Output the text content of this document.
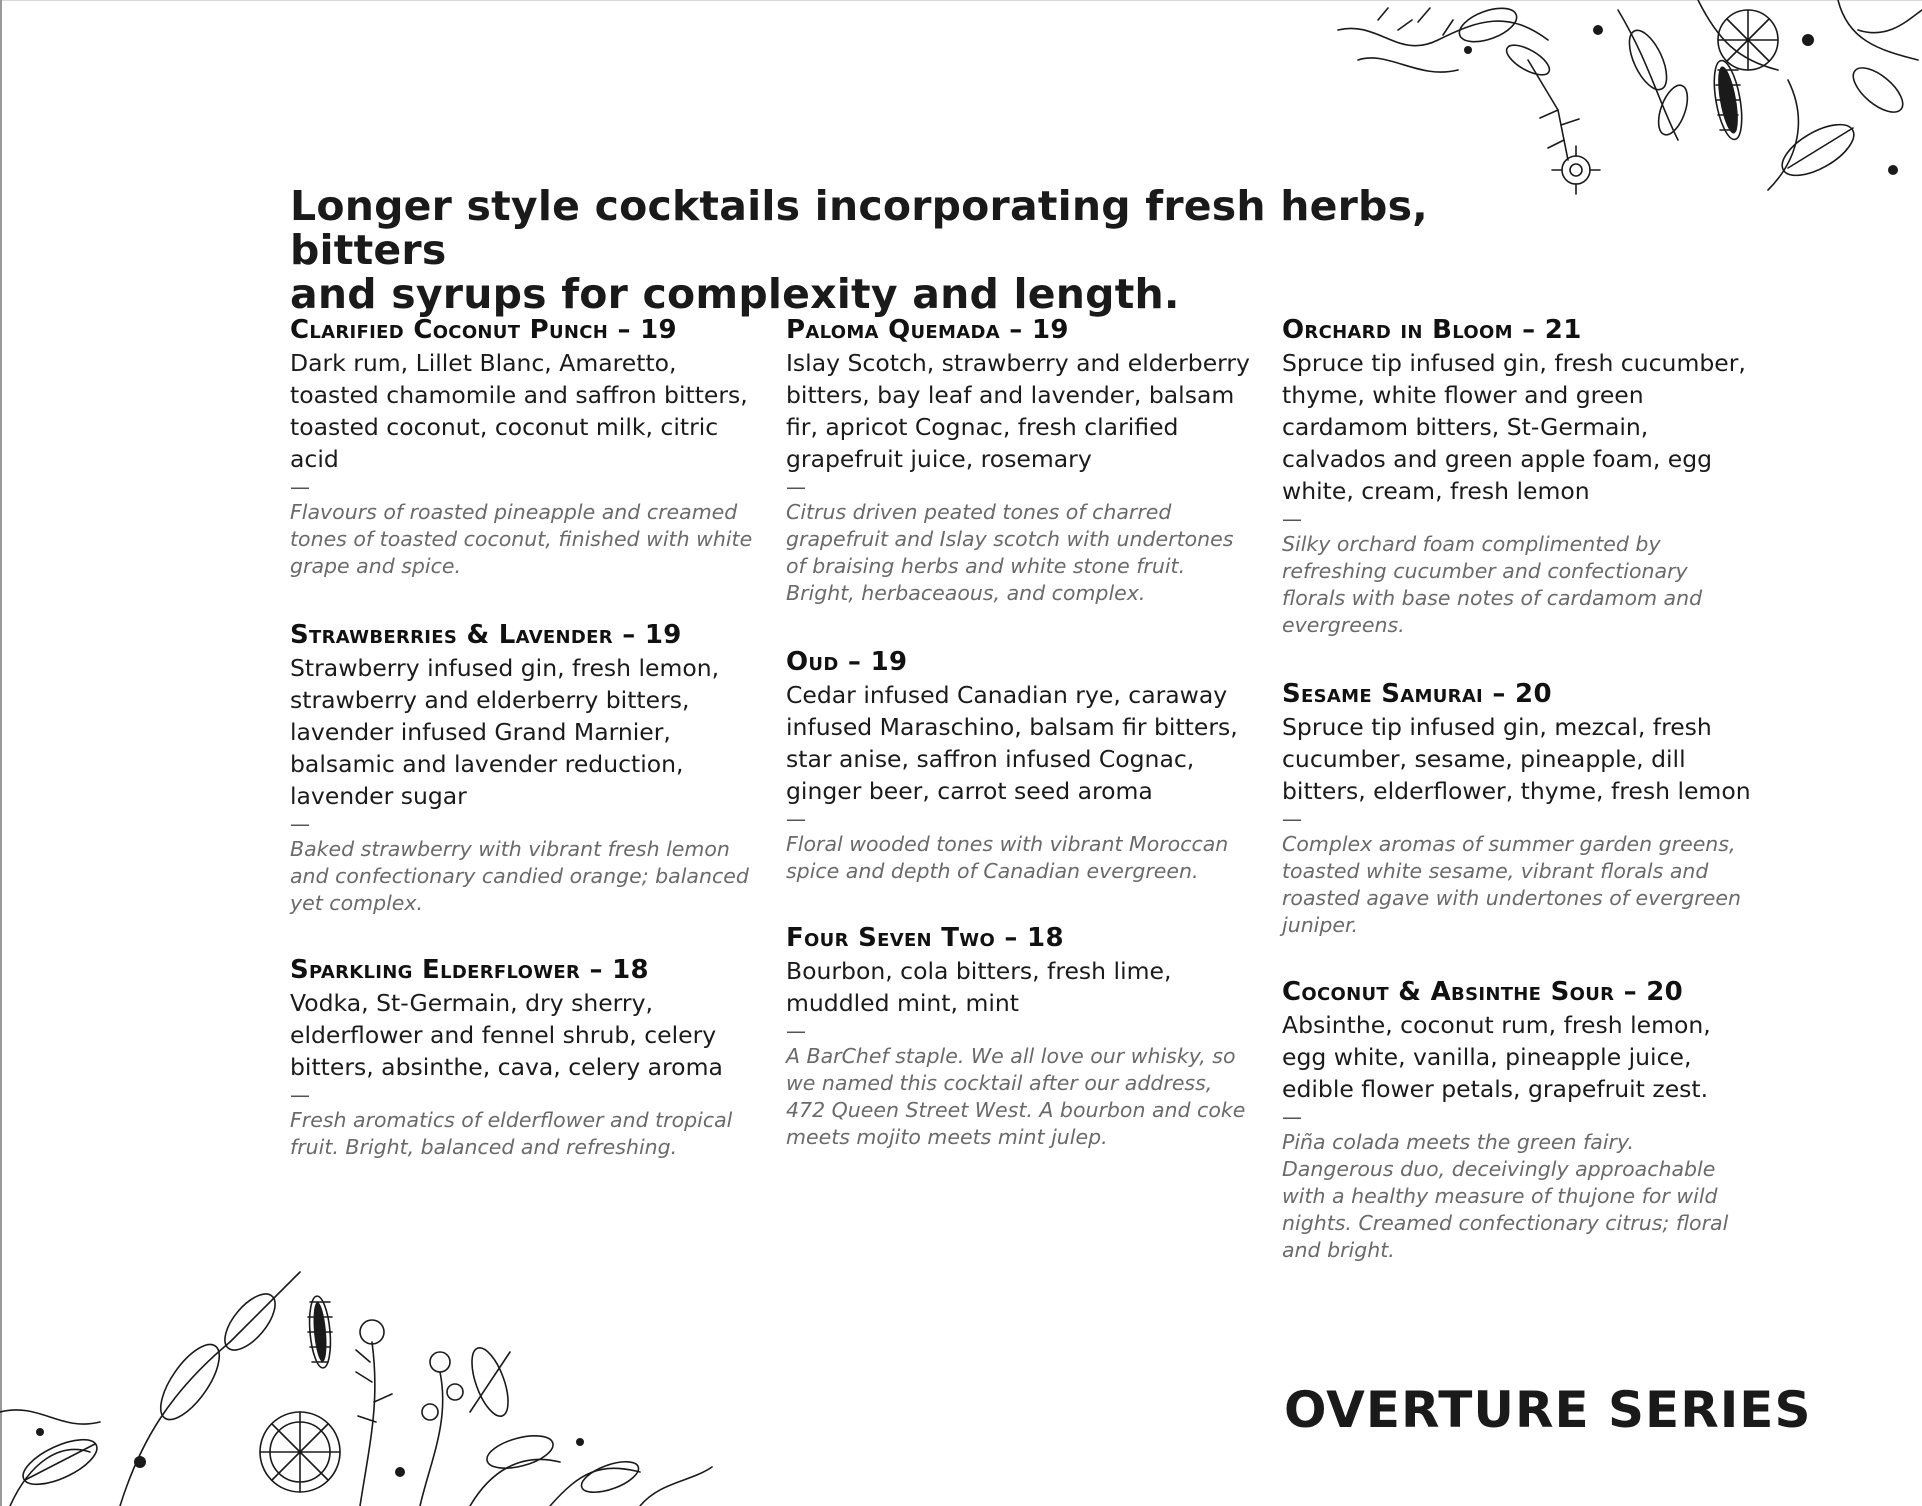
Longer style cocktails incorporating fresh herbs, bitters
and syrups for complexity and length.
Clarified Coconut Punch – 19
Dark rum, Lillet Blanc, Amaretto, toasted chamomile and saffron bitters, toasted coconut, coconut milk, citric acid
—
Flavours of roasted pineapple and creamed tones of toasted coconut, finished with white grape and spice.
Strawberries & Lavender – 19
Strawberry infused gin, fresh lemon, strawberry and elderberry bitters, lavender infused Grand Marnier, balsamic and lavender reduction, lavender sugar
—
Baked strawberry with vibrant fresh lemon and confectionary candied orange; balanced yet complex.
Sparkling Elderflower – 18
Vodka, St-Germain, dry sherry, elderflower and fennel shrub, celery bitters, absinthe, cava, celery aroma
—
Fresh aromatics of elderflower and tropical fruit. Bright, balanced and refreshing.
Paloma Quemada – 19
Islay Scotch, strawberry and elderberry bitters, bay leaf and lavender, balsam fir, apricot Cognac, fresh clarified grapefruit juice, rosemary
—
Citrus driven peated tones of charred grapefruit and Islay scotch with undertones of braising herbs and white stone fruit. Bright, herbaceaous, and complex.
Oud – 19
Cedar infused Canadian rye, caraway infused Maraschino, balsam fir bitters, star anise, saffron infused Cognac, ginger beer, carrot seed aroma
—
Floral wooded tones with vibrant Moroccan spice and depth of Canadian evergreen.
Four Seven Two – 18
Bourbon, cola bitters, fresh lime, muddled mint, mint
—
A BarChef staple. We all love our whisky, so we named this cocktail after our address, 472 Queen Street West. A bourbon and coke meets mojito meets mint julep.
Orchard in Bloom – 21
Spruce tip infused gin, fresh cucumber, thyme, white flower and green cardamom bitters, St-Germain, calvados and green apple foam, egg white, cream, fresh lemon
—
Silky orchard foam complimented by refreshing cucumber and confectionary florals with base notes of cardamom and evergreens.
Sesame Samurai – 20
Spruce tip infused gin, mezcal, fresh cucumber, sesame, pineapple, dill bitters, elderflower, thyme, fresh lemon
—
Complex aromas of summer garden greens, toasted white sesame, vibrant florals and roasted agave with undertones of evergreen juniper.
Coconut & Absinthe Sour – 20
Absinthe, coconut rum, fresh lemon, egg white, vanilla, pineapple juice, edible flower petals, grapefruit zest.
—
Piña colada meets the green fairy. Dangerous duo, deceivingly approachable with a healthy measure of thujone for wild nights. Creamed confectionary citrus; floral and bright.
OVERTURE SERIES
